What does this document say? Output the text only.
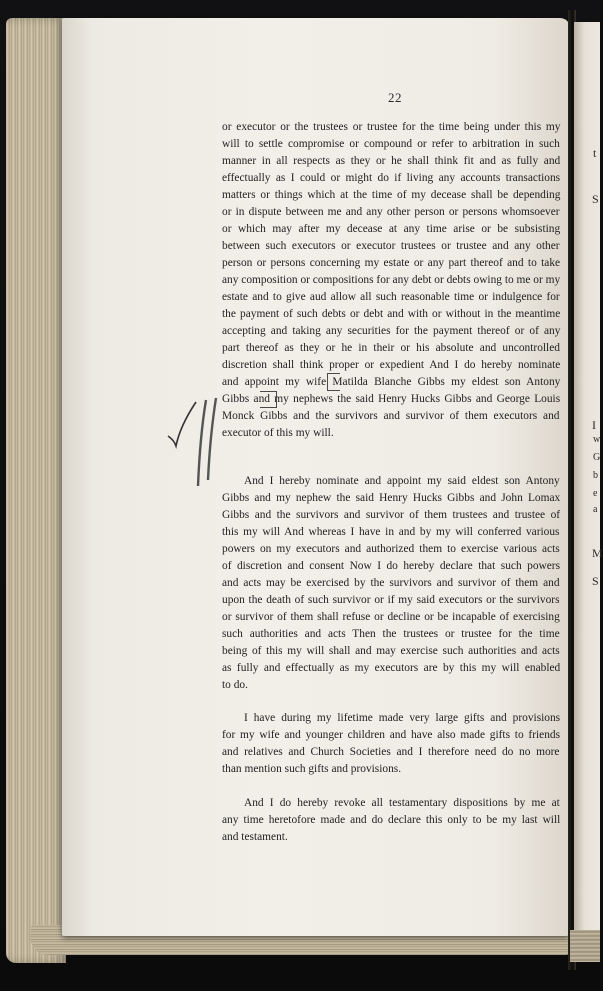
t
S
I
w
G
b
e
a
M
S
22
or executor or the trustees or trustee for the time being under this my
will to settle compromise or compound or refer to arbitration in such
manner in all respects as they or he shall think fit and as fully and
effectually as I could or might do if living any accounts transactions
matters or things which at the time of my decease shall be depending
or in dispute between me and any other person or persons whomsoever
or which may after my decease at any time arise or be subsisting
between such executors or executor trustees or trustee and any other
person or persons concerning my estate or any part thereof and to take
any composition or compositions for any debt or debts owing to me or my
estate and to give aud allow all such reasonable time or indulgence for
the payment of such debts or debt and with or without in the meantime
accepting and taking any securities for the payment thereof or of any
part thereof as they or he in their or his absolute and uncontrolled
discretion shall think proper or expedient And I do hereby nominate
and appoint my wife Matilda Blanche Gibbs my eldest son Antony
Gibbs and my nephews the said Henry Hucks Gibbs and George Louis
Monck Gibbs and the survivors and survivor of them executors and
executor of this my will.
And I hereby nominate and appoint my said eldest son Antony
Gibbs and my nephew the said Henry Hucks Gibbs and John Lomax
Gibbs and the survivors and survivor of them trustees and trustee of
this my will And whereas I have in and by my will conferred various
powers on my executors and authorized them to exercise various acts
of discretion and consent Now I do hereby declare that such powers
and acts may be exercised by the survivors and survivor of them and
upon the death of such survivor or if my said executors or the survivors
or survivor of them shall refuse or decline or be incapable of exercising
such authorities and acts Then the trustees or trustee for the time
being of this my will shall and may exercise such authorities and acts
as fully and effectually as my executors are by this my will enabled
to do.
I have during my lifetime made very large gifts and provisions
for my wife and younger children and have also made gifts to friends
and relatives and Church Societies and I therefore need do no more
than mention such gifts and provisions.
And I do hereby revoke all testamentary dispositions by me at
any time heretofore made and do declare this only to be my last will
and testament.
